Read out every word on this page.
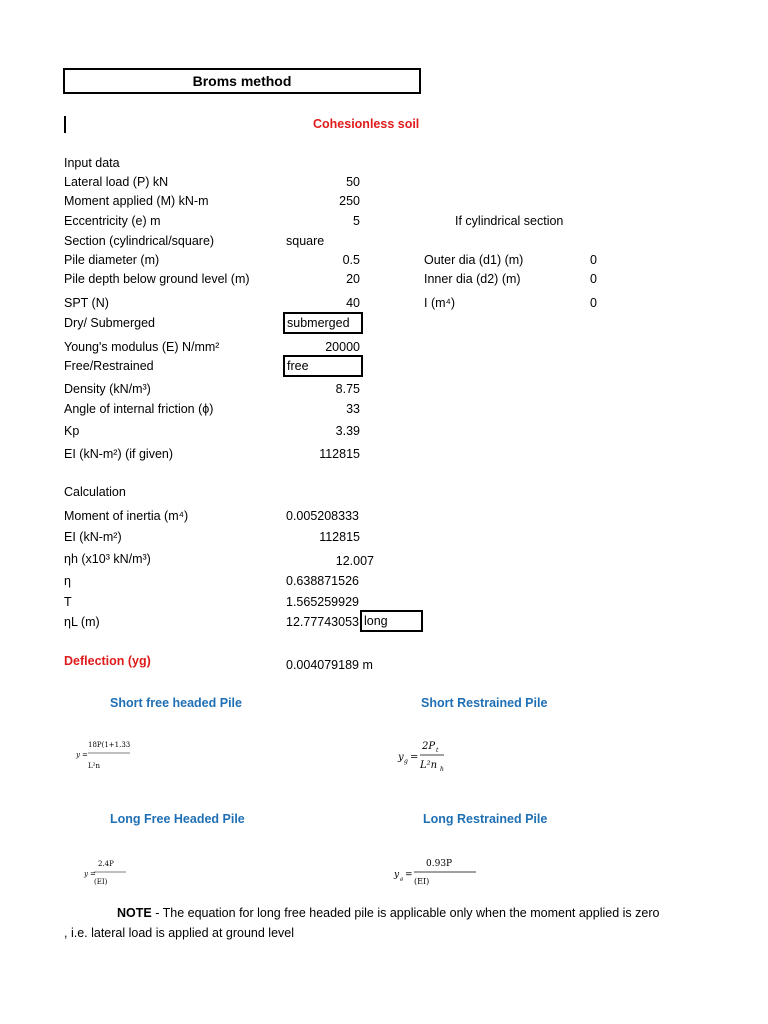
Broms method
Cohesionless soil
Input data
Lateral load (P) kN	50
Moment applied (M) kN-m	250
Eccentricity (e) m	5
Section (cylindrical/square)	square
Pile diameter (m)	0.5
Pile depth below ground level (m)	20
SPT (N)	40
Dry/ Submerged	submerged
Young's modulus (E) N/mm²	20000
Free/Restrained	free
Density (kN/m³)	8.75
Angle of internal friction (ϕ)	33
Kp	3.39
EI (kN-m²) (if given)	112815
If cylindrical section
Outer dia (d1) (m)	0
Inner dia (d2) (m)	0
I (m⁴)	0
Calculation
Moment of inertia (m⁴)	0.005208333
EI (kN-m²)	112815
ηh (x10³ kN/m³)	12.007
η	0.638871526
T	1.565259929
ηL (m)	12.77743053 long
Deflection (yg)	0.004079189 m
Short free headed Pile	Short Restrained Pile
Long Free Headed Pile	Long Restrained Pile
y =
18P(1+1.33
L²n
y g =
2P t
L²n h
y =
2.4P
(EI)
y g =
0.93P
(EI)
NOTE - The equation for long free headed pile is applicable only when the moment applied is zero
, i.e. lateral load is applied at ground level
